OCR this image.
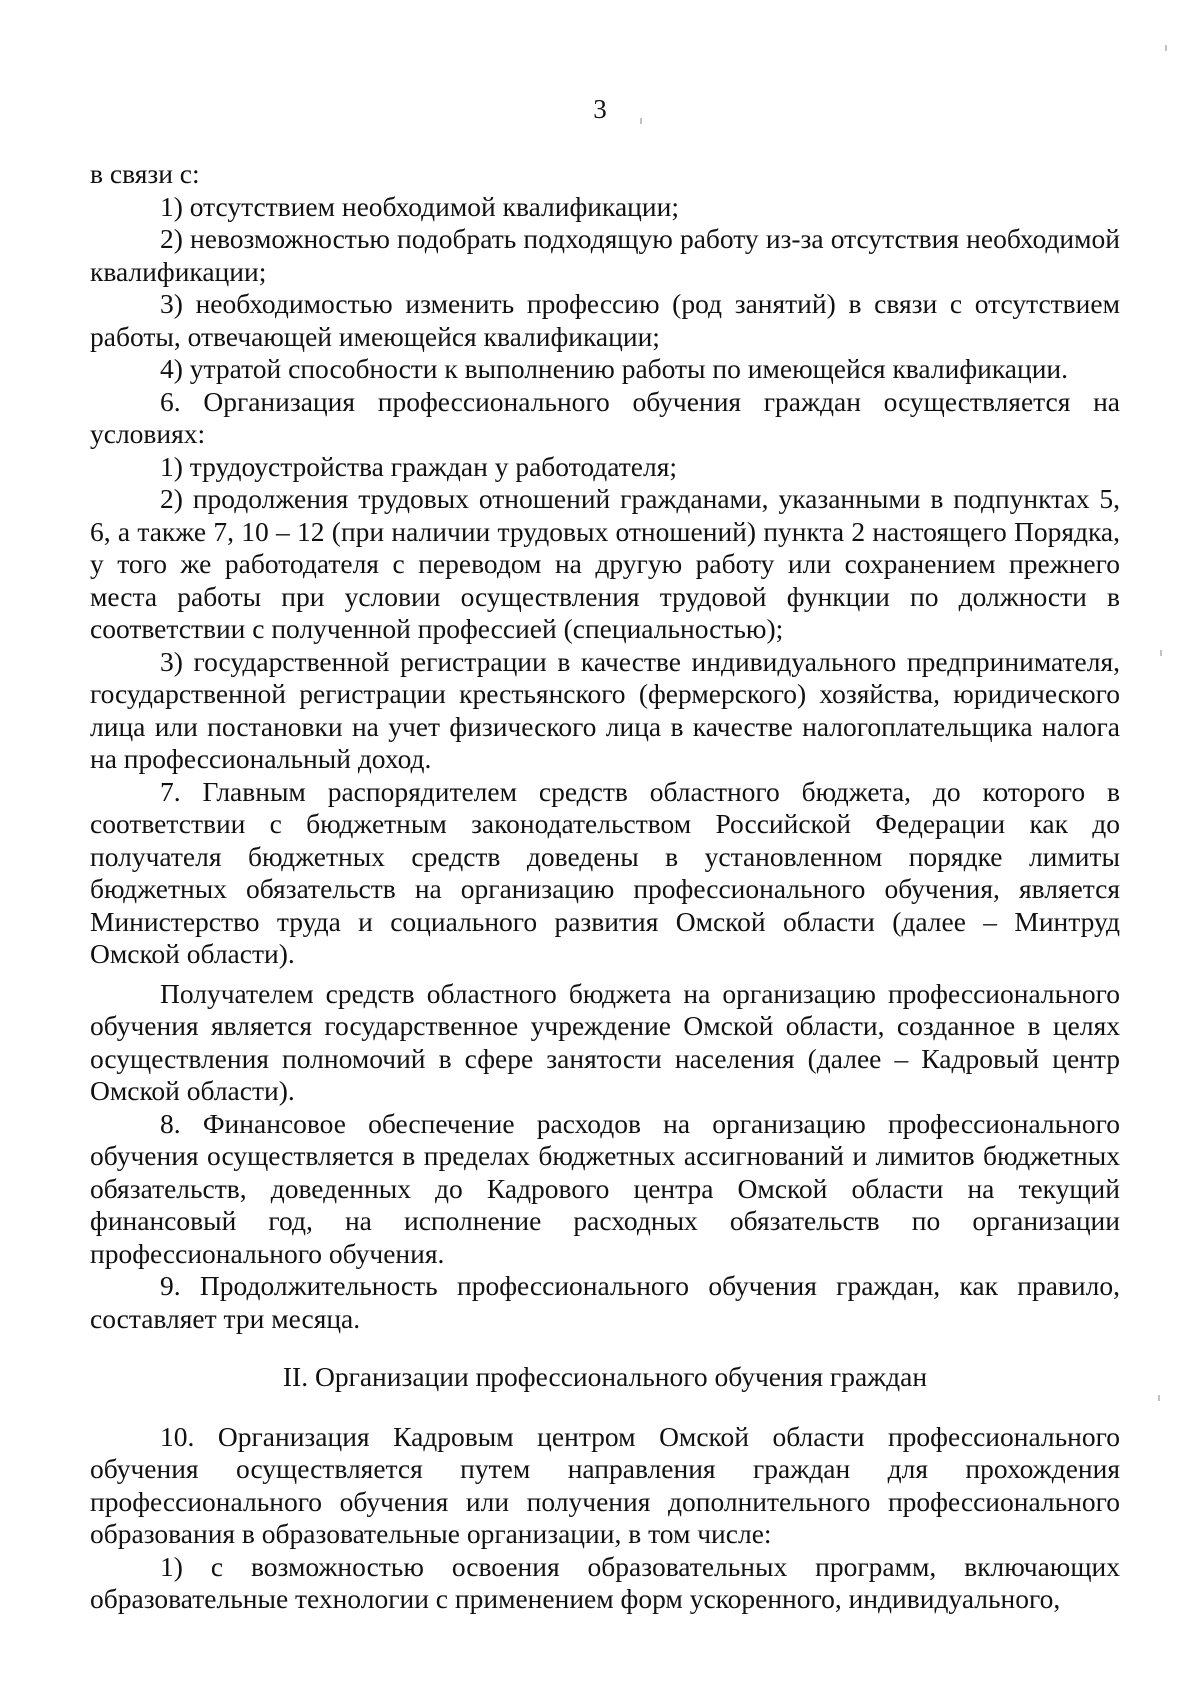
3

в связи с:

1) отсутствием необходимой квалификации;

2) невозможностью подобрать подходящую работу из-за отсутствия необходимой квалификации;

3) необходимостью изменить профессию (род занятий) в связи с отсутствием работы, отвечающей имеющейся квалификации;

4) утратой способности к выполнению работы по имеющейся квалификации.

6. Организация профессионального обучения граждан осуществляется на условиях:

1) трудоустройства граждан у работодателя;

2) продолжения трудовых отношений гражданами, указанными в подпунктах 5, 6, а также 7, 10 – 12 (при наличии трудовых отношений) пункта 2 настоящего Порядка, у того же работодателя с переводом на другую работу или сохранением прежнего места работы при условии осуществления трудовой функции по должности в соответствии с полученной профессией (специальностью);

3) государственной регистрации в качестве индивидуального предпринимателя, государственной регистрации крестьянского (фермерского) хозяйства, юридического лица или постановки на учет физического лица в качестве налогоплательщика налога на профессиональный доход.

7. Главным распорядителем средств областного бюджета, до которого в соответствии с бюджетным законодательством Российской Федерации как до получателя бюджетных средств доведены в установленном порядке лимиты бюджетных обязательств на организацию профессионального обучения, является Министерство труда и социального развития Омской области (далее – Минтруд Омской области).

Получателем средств областного бюджета на организацию профессионального обучения является государственное учреждение Омской области, созданное в целях осуществления полномочий в сфере занятости населения (далее – Кадровый центр Омской области).

8. Финансовое обеспечение расходов на организацию профессионального обучения осуществляется в пределах бюджетных ассигнований и лимитов бюджетных обязательств, доведенных до Кадрового центра Омской области на текущий финансовый год, на исполнение расходных обязательств по организации профессионального обучения.

9. Продолжительность профессионального обучения граждан, как правило, составляет три месяца.

II. Организации профессионального обучения граждан

10. Организация Кадровым центром Омской области профессионального обучения осуществляется путем направления граждан для прохождения профессионального обучения или получения дополнительного профессионального образования в образовательные организации, в том числе:

1) с возможностью освоения образовательных программ, включающих образовательные технологии с применением форм ускоренного, индивидуального,
